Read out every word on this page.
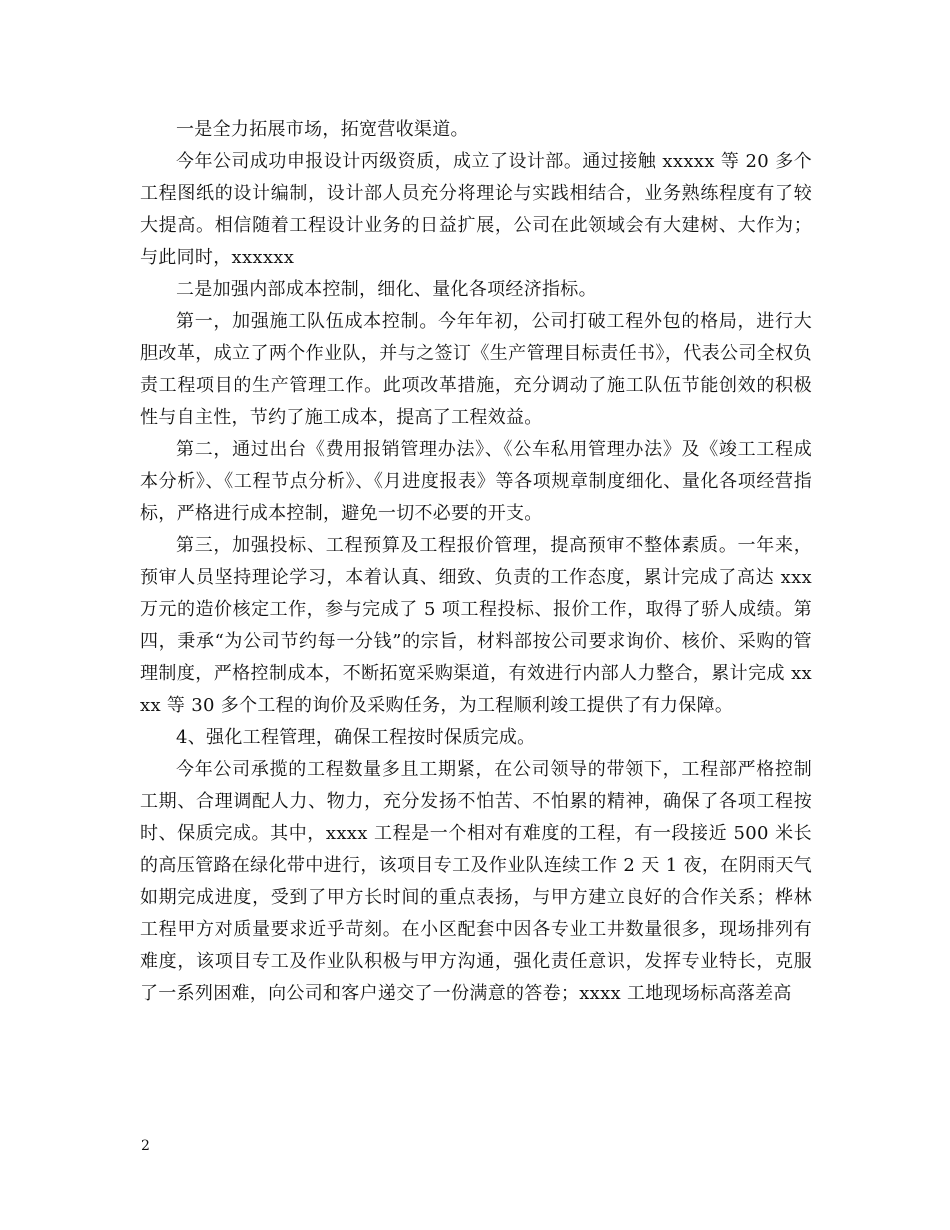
一是全力拓展市场，拓宽营收渠道。

今年公司成功申报设计丙级资质，成立了设计部。通过接触 xxxxx 等 20 多个工程图纸的设计编制，设计部人员充分将理论与实践相结合，业务熟练程度有了较大提高。相信随着工程设计业务的日益扩展，公司在此领域会有大建树、大作为；与此同时，xxxxxx

二是加强内部成本控制，细化、量化各项经济指标。

第一，加强施工队伍成本控制。今年年初，公司打破工程外包的格局，进行大胆改革，成立了两个作业队，并与之签订《生产管理目标责任书》，代表公司全权负责工程项目的生产管理工作。此项改革措施，充分调动了施工队伍节能创效的积极性与自主性，节约了施工成本，提高了工程效益。

第二，通过出台《费用报销管理办法》、《公车私用管理办法》及《竣工工程成本分析》、《工程节点分析》、《月进度报表》等各项规章制度细化、量化各项经营指标，严格进行成本控制，避免一切不必要的开支。

第三，加强投标、工程预算及工程报价管理，提高预审不整体素质。一年来，预审人员坚持理论学习，本着认真、细致、负责的工作态度，累计完成了高达 xxx 万元的造价核定工作，参与完成了 5 项工程投标、报价工作，取得了骄人成绩。第四，秉承“为公司节约每一分钱”的宗旨，材料部按公司要求询价、核价、采购的管理制度，严格控制成本，不断拓宽采购渠道，有效进行内部人力整合，累计完成 xxxx 等 30 多个工程的询价及采购任务，为工程顺利竣工提供了有力保障。

4、强化工程管理，确保工程按时保质完成。

今年公司承揽的工程数量多且工期紧，在公司领导的带领下，工程部严格控制工期、合理调配人力、物力，充分发扬不怕苦、不怕累的精神，确保了各项工程按时、保质完成。其中，xxxx 工程是一个相对有难度的工程，有一段接近 500 米长的高压管路在绿化带中进行，该项目专工及作业队连续工作 2 天 1 夜，在阴雨天气如期完成进度，受到了甲方长时间的重点表扬，与甲方建立良好的合作关系；桦林工程甲方对质量要求近乎苛刻。在小区配套中因各专业工井数量很多，现场排列有难度，该项目专工及作业队积极与甲方沟通，强化责任意识，发挥专业特长，克服了一系列困难，向公司和客户递交了一份满意的答卷；xxxx 工地现场标高落差高

2
